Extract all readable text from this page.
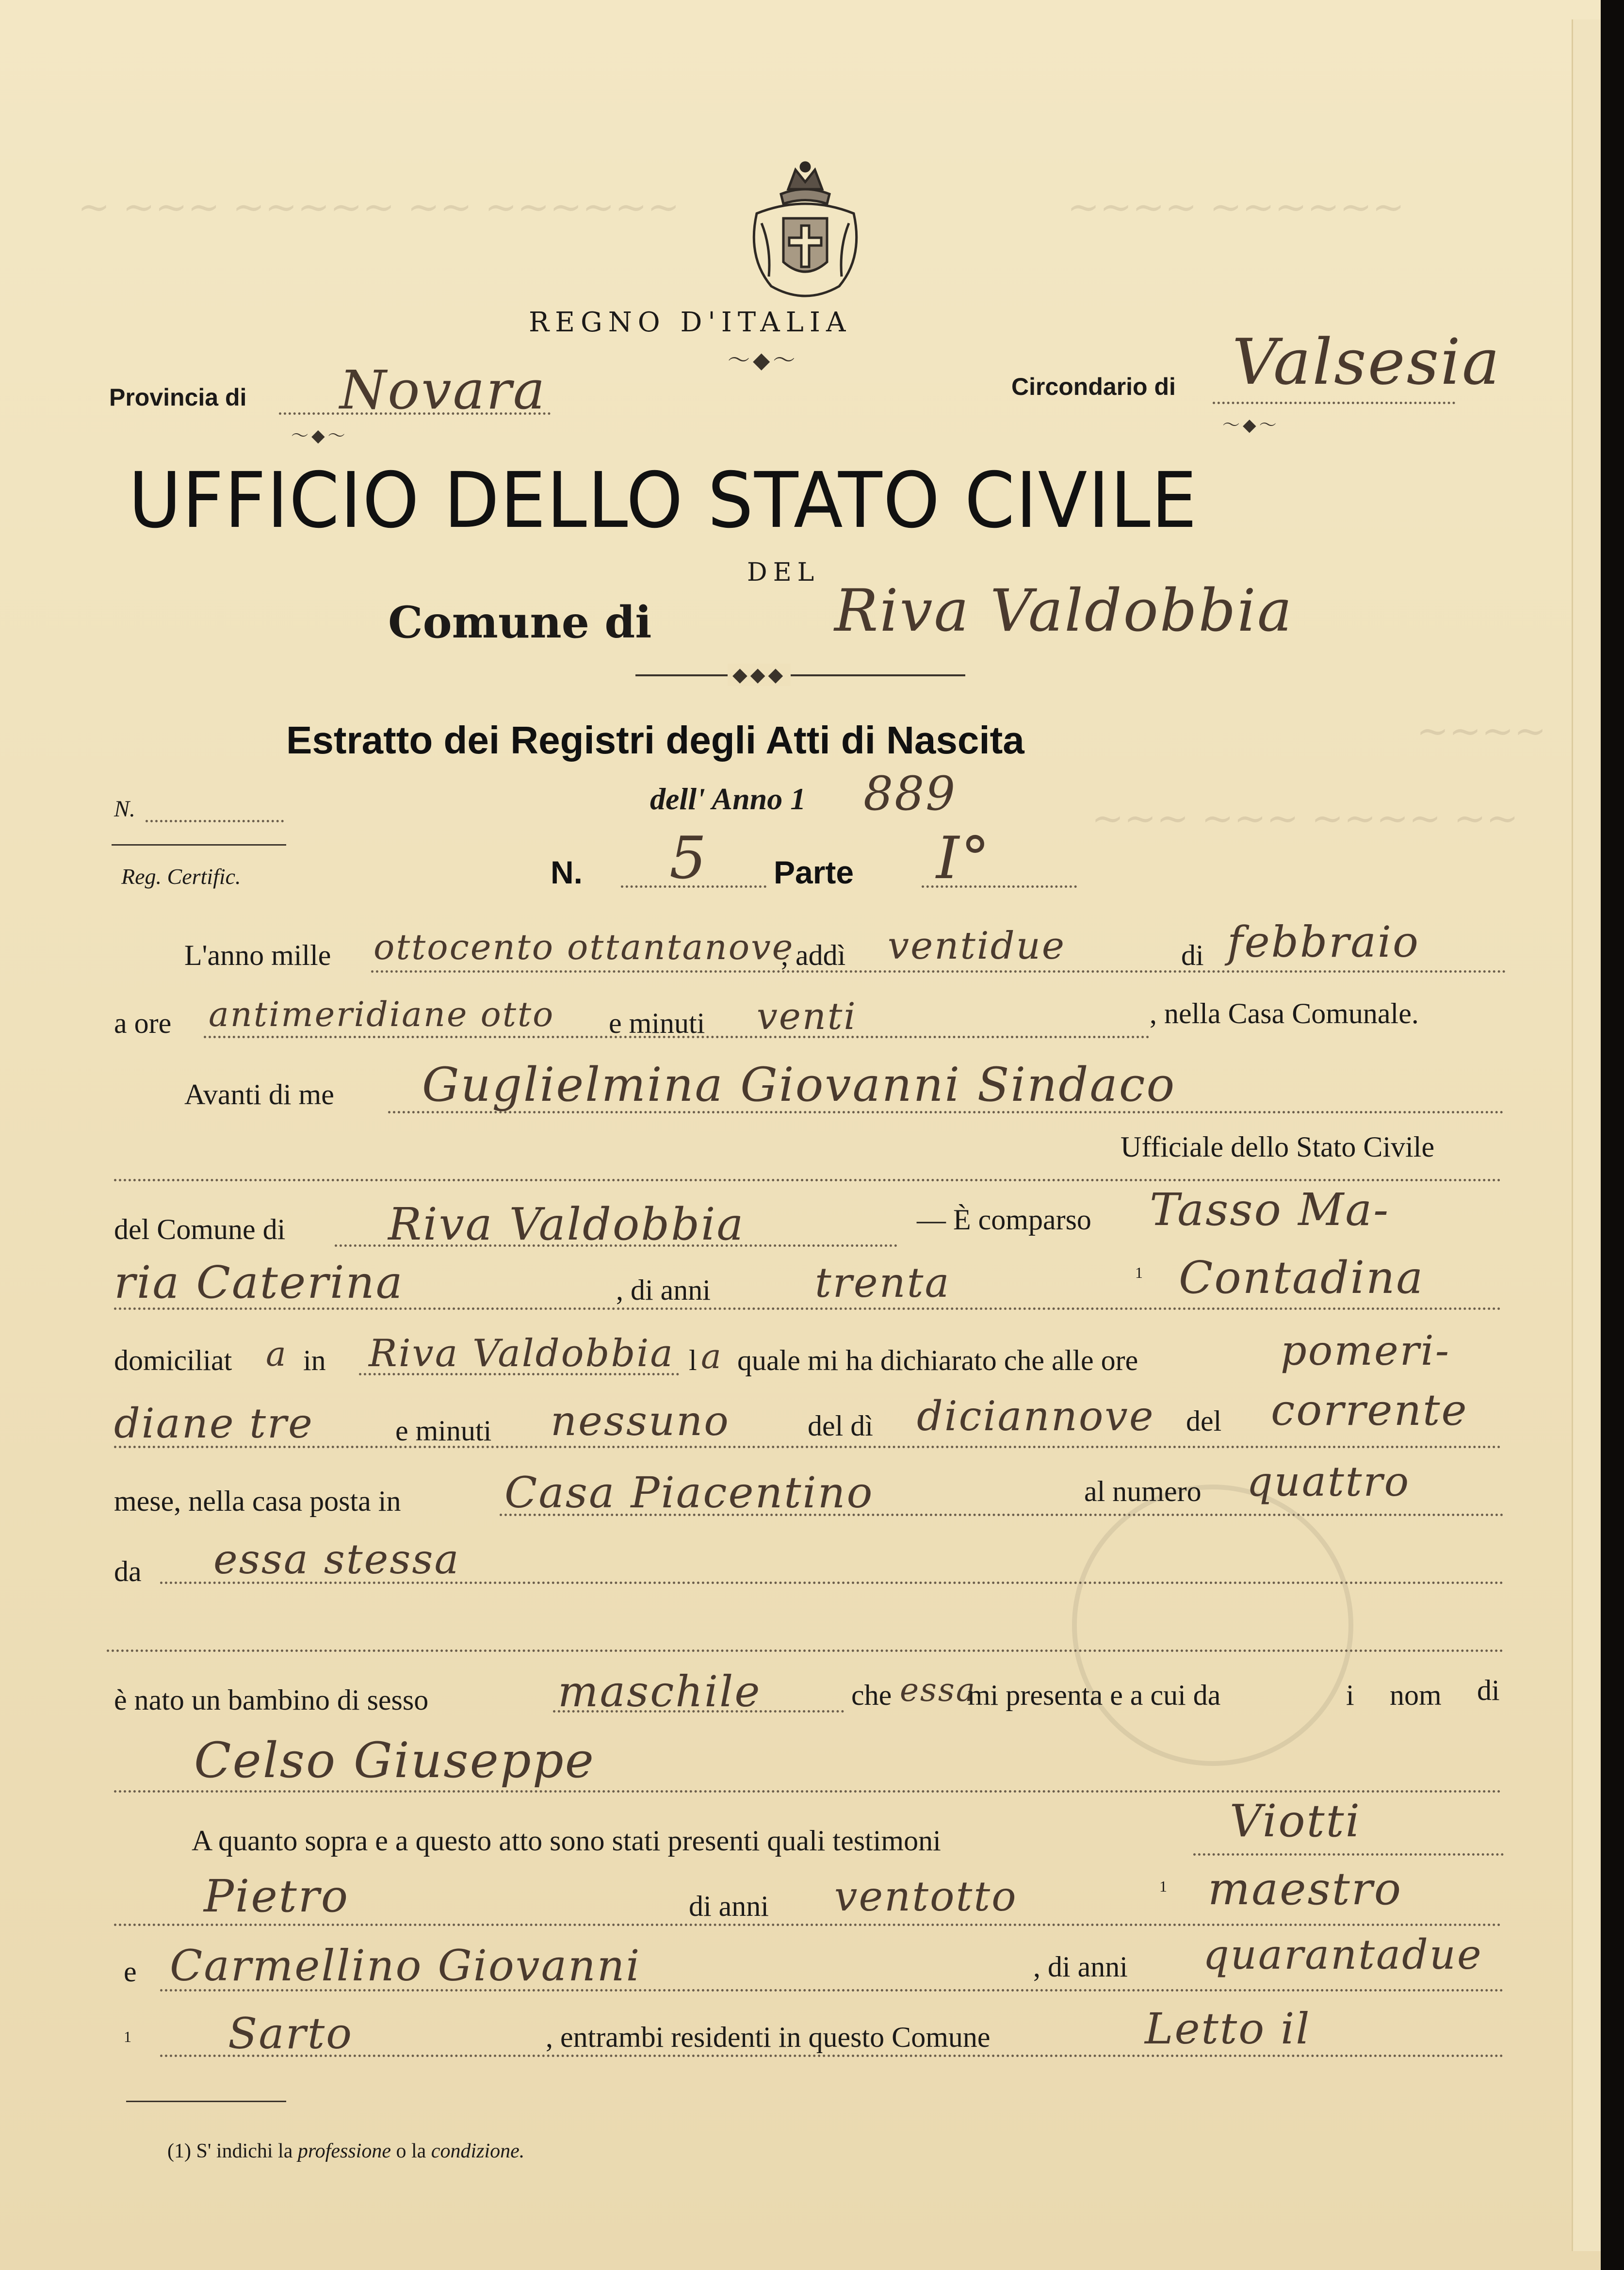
~ ~~~ ~~~~~ ~~ ~~~~~~	~~~~ ~~~~~~
~~~~
~~~ ~~~ ~~~~ ~~
REGNO D'ITALIA
〜◆〜
Provincia di Novara
〜◆〜
Circondario di Valsesia
〜◆〜
UFFICIO DELLO STATO CIVILE
DEL
Comune di	Riva Valdobbia
◆◆◆
Estratto dei Registri degli Atti di Nascita
N.
Reg. Certific.
dell' Anno 1 889
N. 5 Parte I°
L'anno mille ottocento ottantanove
, addì ventidue	di febbraio
a ore antimeridiane otto e minuti venti	, nella Casa Comunale.
Avanti di me Guglielmina Giovanni Sindaco
Ufficiale dello Stato Civile
del Comune di Riva Valdobbia	— È comparso Tasso Ma-
ria Caterina	, di anni	trenta	1 Contadina
domiciliat a in Riva Valdobbia l a quale mi ha dichiarato che alle ore	pomeri-
diane tre	e minuti nessuno	del dì diciannove del corrente
mese, nella casa posta in Casa Piacentino	al numero quattro
da essa stessa
è nato un bambino di sesso	maschile	che essa
mi presenta e a cui da	i nom di
Celso Giuseppe
A quanto sopra e a questo atto sono stati presenti quali testimoni	Viotti
Pietro	di anni ventotto	1 maestro
e Carmellino Giovanni	, di anni quarantadue
1 Sarto	, entrambi residenti in questo Comune	Letto il
(1) S' indichi la professione o la condizione.
